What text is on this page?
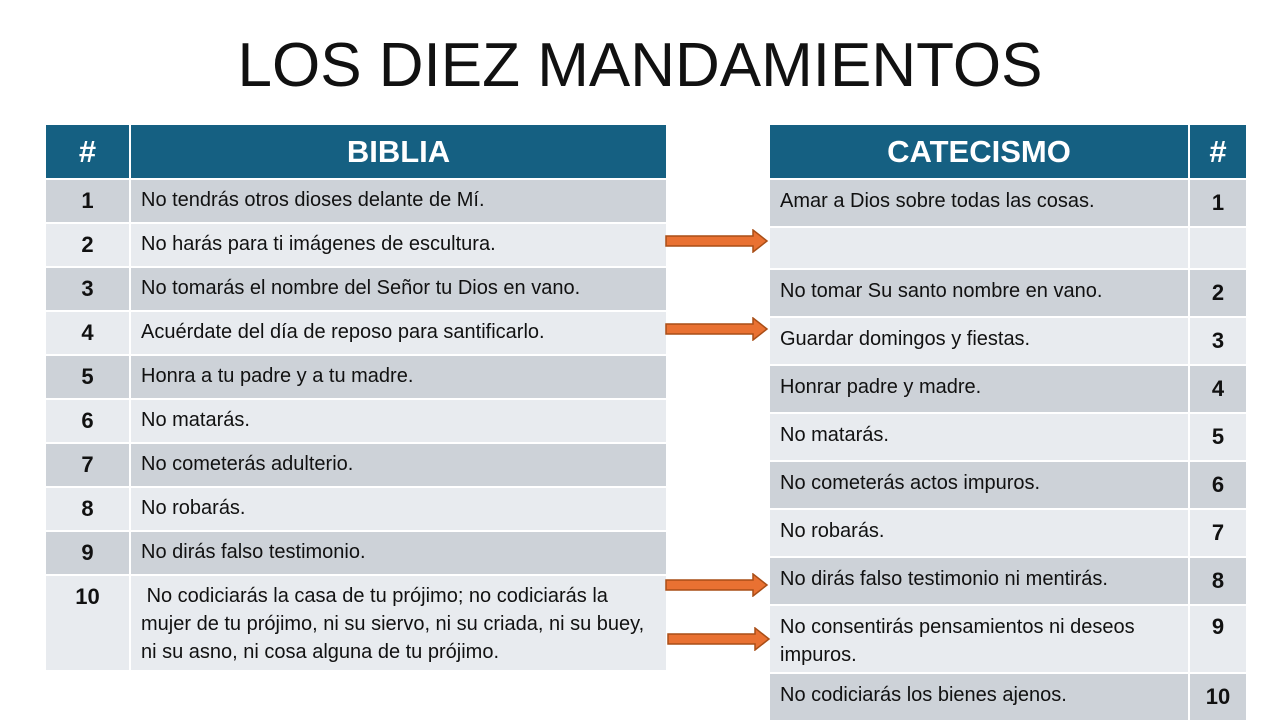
LOS DIEZ MANDAMIENTOS
#	BIBLIA
1	No tendrás otros dioses delante de Mí.
2	No harás para ti imágenes de escultura.
3	No tomarás el nombre del Señor tu Dios en vano.
4	Acuérdate del día de reposo para santificarlo.
5	Honra a tu padre y a tu madre.
6	No matarás.
7	No cometerás adulterio.
8	No robarás.
9	No dirás falso testimonio.
10	No codiciarás la casa de tu prójimo; no codiciarás la mujer de tu prójimo, ni su siervo, ni su criada, ni su buey, ni su asno, ni cosa alguna de tu prójimo.
CATECISMO	#
Amar a Dios sobre todas las cosas.	1

No tomar Su santo nombre en vano.	2
Guardar domingos y fiestas.	3
Honrar padre y madre.	4
No matarás.	5
No cometerás actos impuros.	6
No robarás.	7
No dirás falso testimonio ni mentirás.	8
No consentirás pensamientos ni deseos impuros.	9
No codiciarás los bienes ajenos.	10
